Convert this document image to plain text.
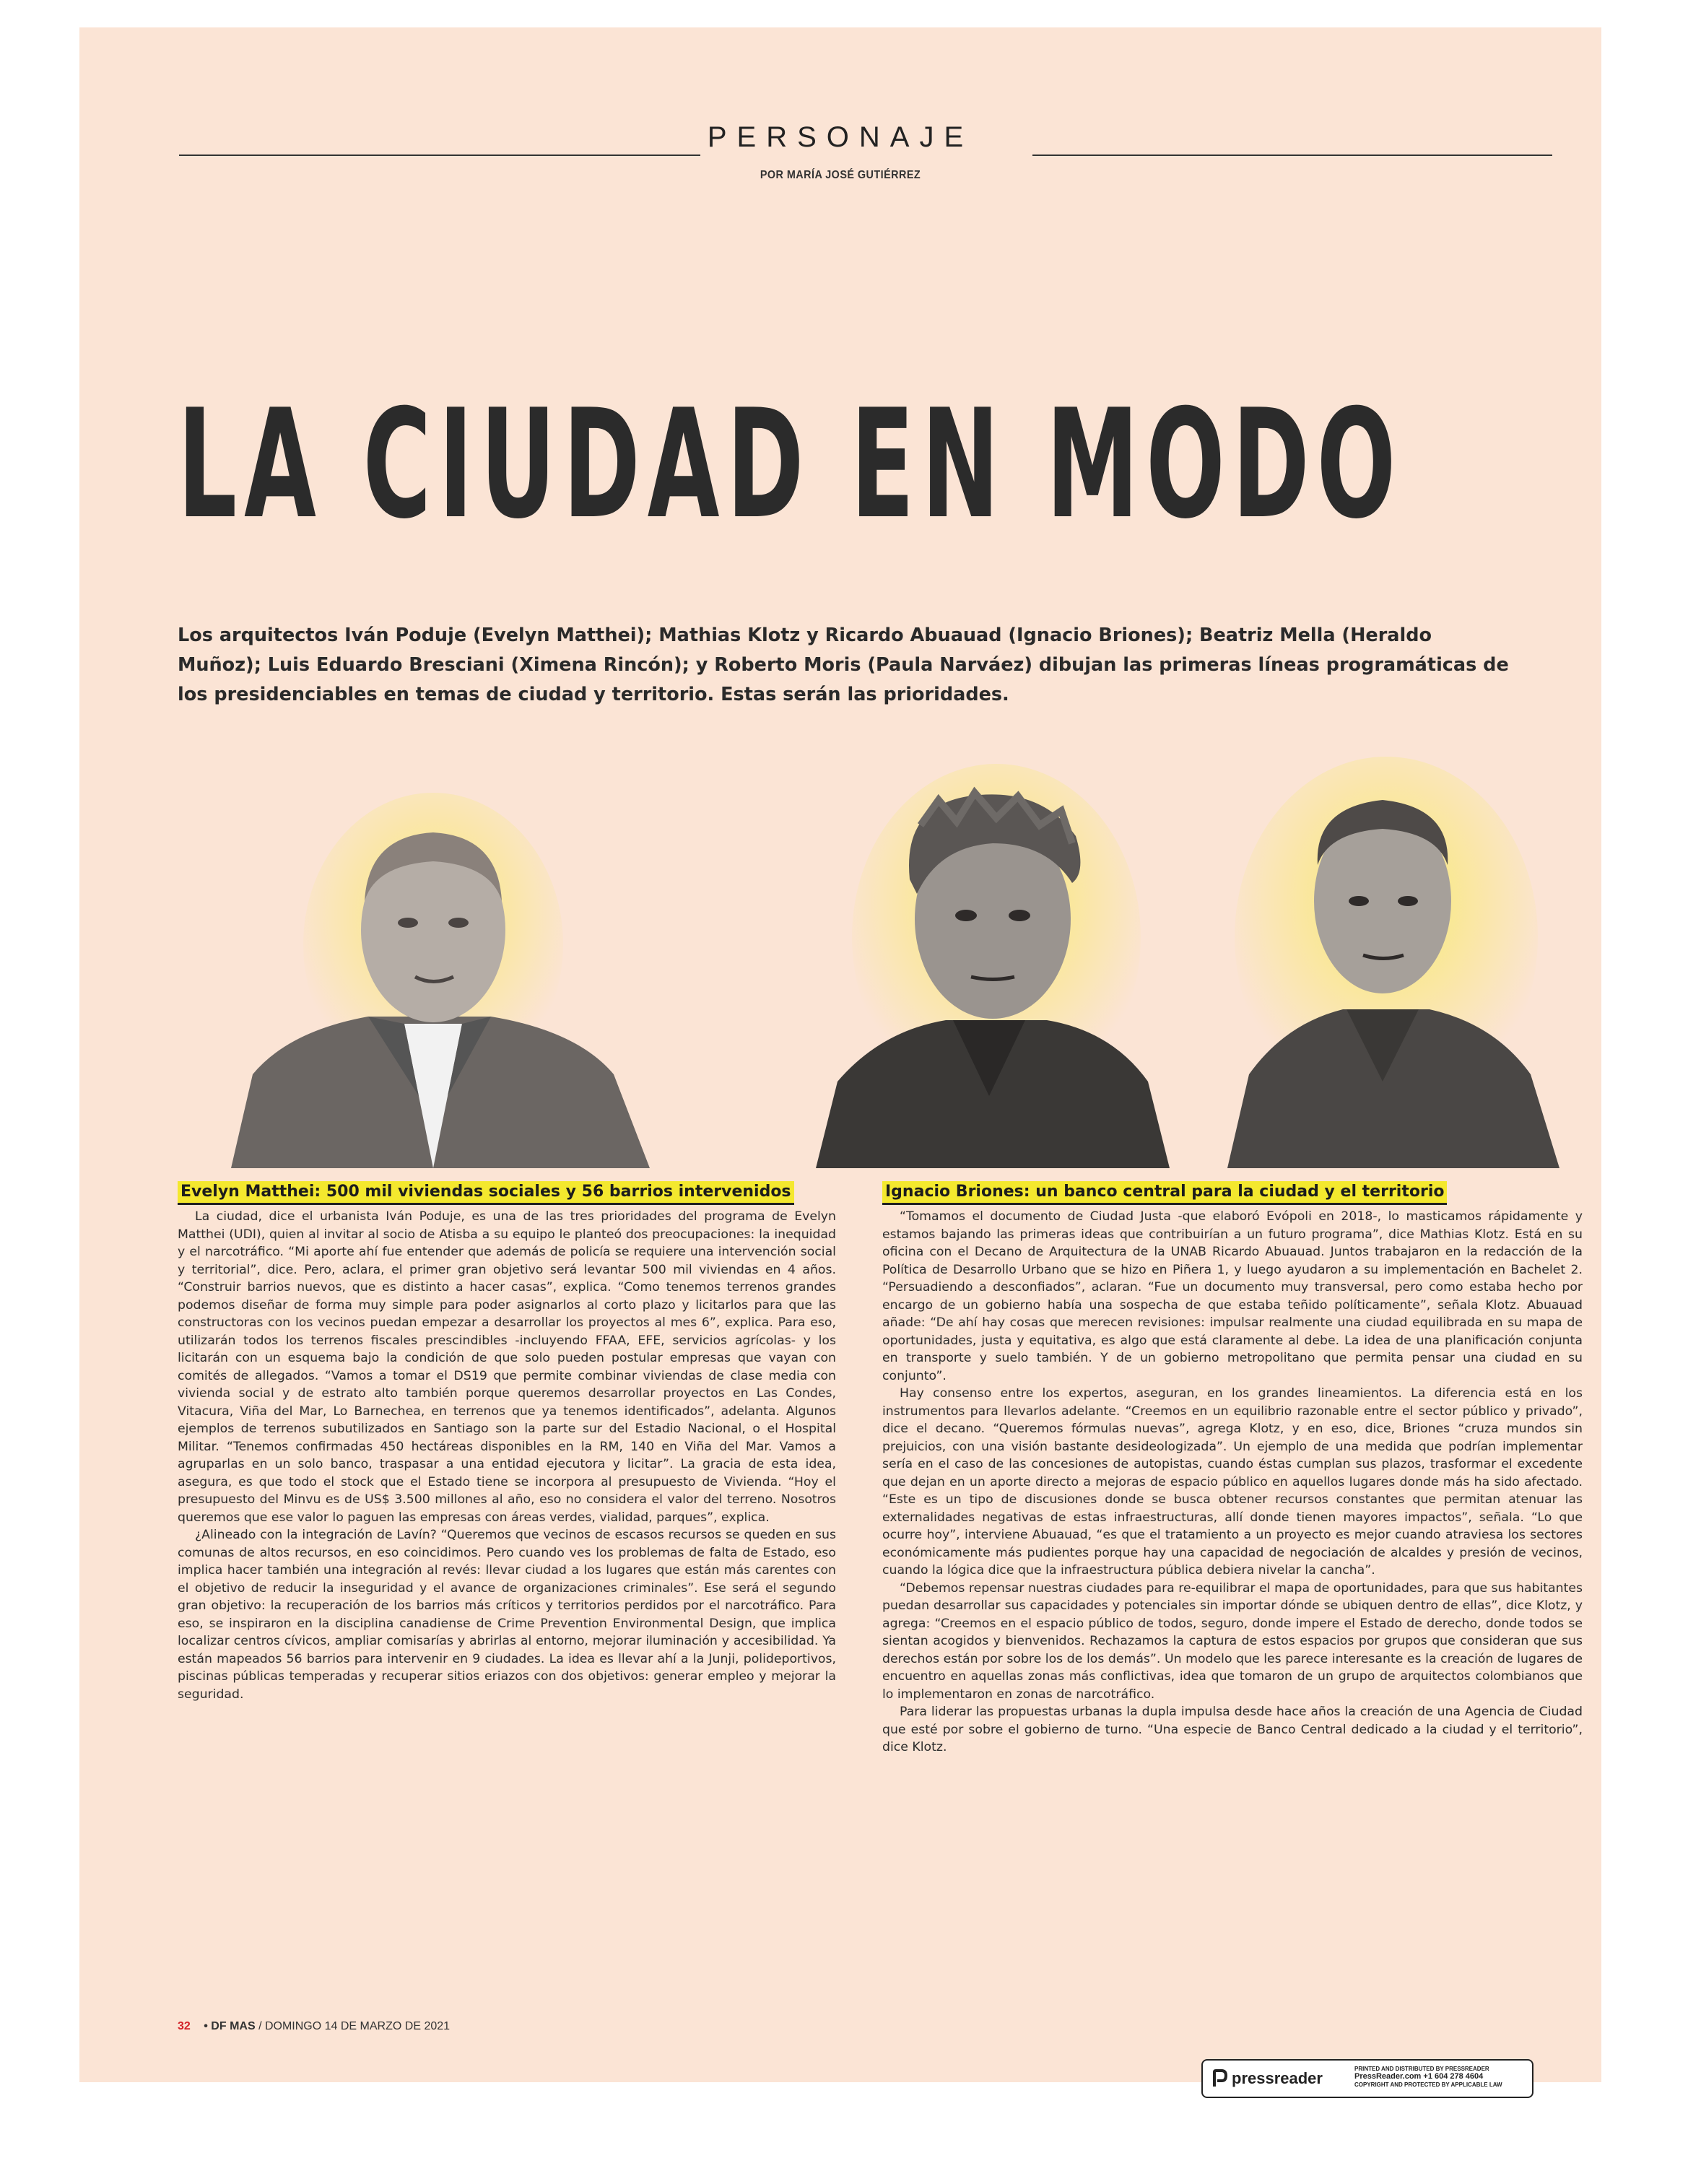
PERSONAJE
POR MARÍA JOSÉ GUTIÉRREZ
LA CIUDAD EN MODO
Los arquitectos Iván Poduje (Evelyn Matthei); Mathias Klotz y Ricardo Abuauad (Ignacio Briones); Beatriz Mella (Heraldo Muñoz); Luis Eduardo Bresciani (Ximena Rincón); y Roberto Moris (Paula Narváez) dibujan las primeras líneas programáticas de los presidenciables en temas de ciudad y territorio. Estas serán las prioridades.
Evelyn Matthei: 500 mil viviendas sociales y 56 barrios intervenidos

La ciudad, dice el urbanista Iván Poduje, es una de las tres prioridades del programa de Evelyn Matthei (UDI), quien al invitar al socio de Atisba a su equipo le planteó dos preocupaciones: la inequidad y el narcotráfico. “Mi aporte ahí fue entender que además de policía se requiere una intervención social y territorial”, dice. Pero, aclara, el primer gran objetivo será levantar 500 mil viviendas en 4 años. “Construir barrios nuevos, que es distinto a hacer casas”, explica. “Como tenemos terrenos grandes podemos diseñar de forma muy simple para poder asignarlos al corto plazo y licitarlos para que las constructoras con los vecinos puedan empezar a desarrollar los proyectos al mes 6”, explica. Para eso, utilizarán todos los terrenos fiscales prescindibles -incluyendo FFAA, EFE, servicios agrícolas- y los licitarán con un esquema bajo la condición de que solo pueden postular empresas que vayan con comités de allegados. “Vamos a tomar el DS19 que permite combinar viviendas de clase media con vivienda social y de estrato alto también porque queremos desarrollar proyectos en Las Condes, Vitacura, Viña del Mar, Lo Barnechea, en terrenos que ya tenemos identificados”, adelanta. Algunos ejemplos de terrenos subutilizados en Santiago son la parte sur del Estadio Nacional, o el Hospital Militar. “Tenemos confirmadas 450 hectáreas disponibles en la RM, 140 en Viña del Mar. Vamos a agruparlas en un solo banco, traspasar a una entidad ejecutora y licitar”. La gracia de esta idea, asegura, es que todo el stock que el Estado tiene se incorpora al presupuesto de Vivienda. “Hoy el presupuesto del Minvu es de US$ 3.500 millones al año, eso no considera el valor del terreno. Nosotros queremos que ese valor lo paguen las empresas con áreas verdes, vialidad, parques”, explica.

¿Alineado con la integración de Lavín? “Queremos que vecinos de escasos recursos se queden en sus comunas de altos recursos, en eso coincidimos. Pero cuando ves los problemas de falta de Estado, eso implica hacer también una integración al revés: llevar ciudad a los lugares que están más carentes con el objetivo de reducir la inseguridad y el avance de organizaciones criminales”. Ese será el segundo gran objetivo: la recuperación de los barrios más críticos y territorios perdidos por el narcotráfico. Para eso, se inspiraron en la disciplina canadiense de Crime Prevention Environmental Design, que implica localizar centros cívicos, ampliar comisarías y abrirlas al entorno, mejorar iluminación y accesibilidad. Ya están mapeados 56 barrios para intervenir en 9 ciudades. La idea es llevar ahí a la Junji, polideportivos, piscinas públicas temperadas y recuperar sitios eriazos con dos objetivos: generar empleo y mejorar la seguridad.

Ignacio Briones: un banco central para la ciudad y el territorio

“Tomamos el documento de Ciudad Justa -que elaboró Evópoli en 2018-, lo masticamos rápidamente y estamos bajando las primeras ideas que contribuirían a un futuro programa”, dice Mathias Klotz. Está en su oficina con el Decano de Arquitectura de la UNAB Ricardo Abuauad. Juntos trabajaron en la redacción de la Política de Desarrollo Urbano que se hizo en Piñera 1, y luego ayudaron a su implementación en Bachelet 2. “Persuadiendo a desconfiados”, aclaran. “Fue un documento muy transversal, pero como estaba hecho por encargo de un gobierno había una sospecha de que estaba teñido políticamente”, señala Klotz. Abuauad añade: “De ahí hay cosas que merecen revisiones: impulsar realmente una ciudad equilibrada en su mapa de oportunidades, justa y equitativa, es algo que está claramente al debe. La idea de una planificación conjunta en transporte y suelo también. Y de un gobierno metropolitano que permita pensar una ciudad en su conjunto”.

Hay consenso entre los expertos, aseguran, en los grandes lineamientos. La diferencia está en los instrumentos para llevarlos adelante. “Creemos en un equilibrio razonable entre el sector público y privado”, dice el decano. “Queremos fórmulas nuevas”, agrega Klotz, y en eso, dice, Briones “cruza mundos sin prejuicios, con una visión bastante desideologizada”. Un ejemplo de una medida que podrían implementar sería en el caso de las concesiones de autopistas, cuando éstas cumplan sus plazos, trasformar el excedente que dejan en un aporte directo a mejoras de espacio público en aquellos lugares donde más ha sido afectado. “Este es un tipo de discusiones donde se busca obtener recursos constantes que permitan atenuar las externalidades negativas de estas infraestructuras, allí donde tienen mayores impactos”, señala. “Lo que ocurre hoy”, interviene Abuauad, “es que el tratamiento a un proyecto es mejor cuando atraviesa los sectores económicamente más pudientes porque hay una capacidad de negociación de alcaldes y presión de vecinos, cuando la lógica dice que la infraestructura pública debiera nivelar la cancha”.

“Debemos repensar nuestras ciudades para re-equilibrar el mapa de oportunidades, para que sus habitantes puedan desarrollar sus capacidades y potenciales sin importar dónde se ubiquen dentro de ellas”, dice Klotz, y agrega: “Creemos en el espacio público de todos, seguro, donde impere el Estado de derecho, donde todos se sientan acogidos y bienvenidos. Rechazamos la captura de estos espacios por grupos que consideran que sus derechos están por sobre los de los demás”. Un modelo que les parece interesante es la creación de lugares de encuentro en aquellas zonas más conflictivas, idea que tomaron de un grupo de arquitectos colombianos que lo implementaron en zonas de narcotráfico.

Para liderar las propuestas urbanas la dupla impulsa desde hace años la creación de una Agencia de Ciudad que esté por sobre el gobierno de turno. “Una especie de Banco Central dedicado a la ciudad y el territorio”, dice Klotz.

32 • DF MAS / DOMINGO 14 DE MARZO DE 2021
pressreader
PRINTED AND DISTRIBUTED BY PRESSREADER
PressReader.com +1 604 278 4604
COPYRIGHT AND PROTECTED BY APPLICABLE LAW
